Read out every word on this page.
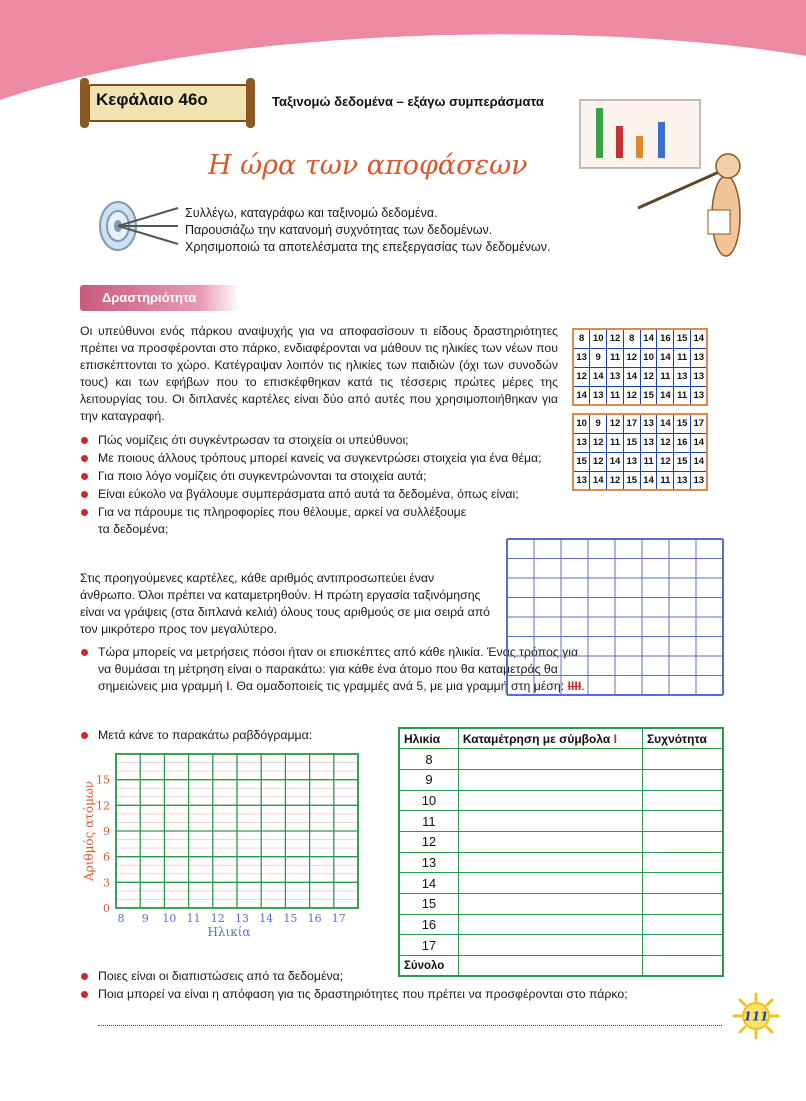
Κεφάλαιο 46ο	Ταξινομώ δεδομένα – εξάγω συμπεράσματα
Η ώρα των αποφάσεων
Συλλέγω, καταγράφω και ταξινομώ δεδομένα.
Παρουσιάζω την κατανομή συχνότητας των δεδομένων.
Χρησιμοποιώ τα αποτελέσματα της επεξεργασίας των δεδομένων.
Δραστηριότητα

Οι υπεύθυνοι ενός πάρκου αναψυχής για να αποφασίσουν τι είδους δραστηριότητες πρέπει να προσφέρονται στο πάρκο, ενδιαφέρονται να μάθουν τις ηλικίες των νέων που επισκέπτονται το χώρο. Κατέγραψαν λοιπόν τις ηλικίες των παιδιών (όχι των συνοδών τους) και των εφήβων που το επισκέφθηκαν κατά τις τέσσερις πρώτες μέρες της λειτουργίας του. Οι διπλανές καρτέλες είναι δύο από αυτές που χρησιμοποιήθηκαν για την καταγραφή.

Πώς νομίζεις ότι συγκέντρωσαν τα στοιχεία οι υπεύθυνοι;
Με ποιους άλλους τρόπους μπορεί κανείς να συγκεντρώσει στοιχεία για ένα θέμα;
Για ποιο λόγο νομίζεις ότι συγκεντρώνονται τα στοιχεία αυτά;
Είναι εύκολο να βγάλουμε συμπεράσματα από αυτά τα δεδομένα, όπως είναι;
Για να πάρουμε τις πληροφορίες που θέλουμε, αρκεί να συλλέξουμε τα δεδομένα;

Στις προηγούμενες καρτέλες, κάθε αριθμός αντιπροσωπεύει έναν άνθρωπο. Όλοι πρέπει να καταμετρηθούν. Η πρώτη εργασία ταξινόμησης είναι να γράψεις (στα διπλανά κελιά) όλους τους αριθμούς σε μια σειρά από τον μικρότερο προς τον μεγαλύτερο.

Τώρα μπορείς να μετρήσεις πόσοι ήταν οι επισκέπτες από κάθε ηλικία. Ένας τρόπος για να θυμάσαι τη μέτρηση είναι ο παρακάτω: για κάθε ένα άτομο που θα καταμετράς θα σημειώνεις μια γραμμή I. Θα ομαδοποιείς τις γραμμές ανά 5, με μια γραμμή στη μέση: IIII.
Μετά κάνε το παρακάτω ραβδόγραμμα:
8	10	12	8	14	16	15	14
13	9	11	12	10	14	11	13
12	14	13	14	12	11	13	13
14	13	11	12	15	14	11	13
10	9	12	17	13	14	15	17
13	12	11	15	13	12	16	14
15	12	14	13	11	12	15	14
13	14	12	15	14	11	13	13
0
3
6
9
12
15
8 9 10 11 12 13 14 15 16 17
Ηλικία
Αριθμός ατόμων
Ηλικία	Καταμέτρηση με σύμβολα I	Συχνότητα
8		
9		
10		
11		
12		
13		
14		
15		
16		
17		
Σύνολο		
Ποιες είναι οι διαπιστώσεις από τα δεδομένα;
Ποια μπορεί να είναι η απόφαση για τις δραστηριότητες που πρέπει να προσφέρονται στο πάρκο;
111
